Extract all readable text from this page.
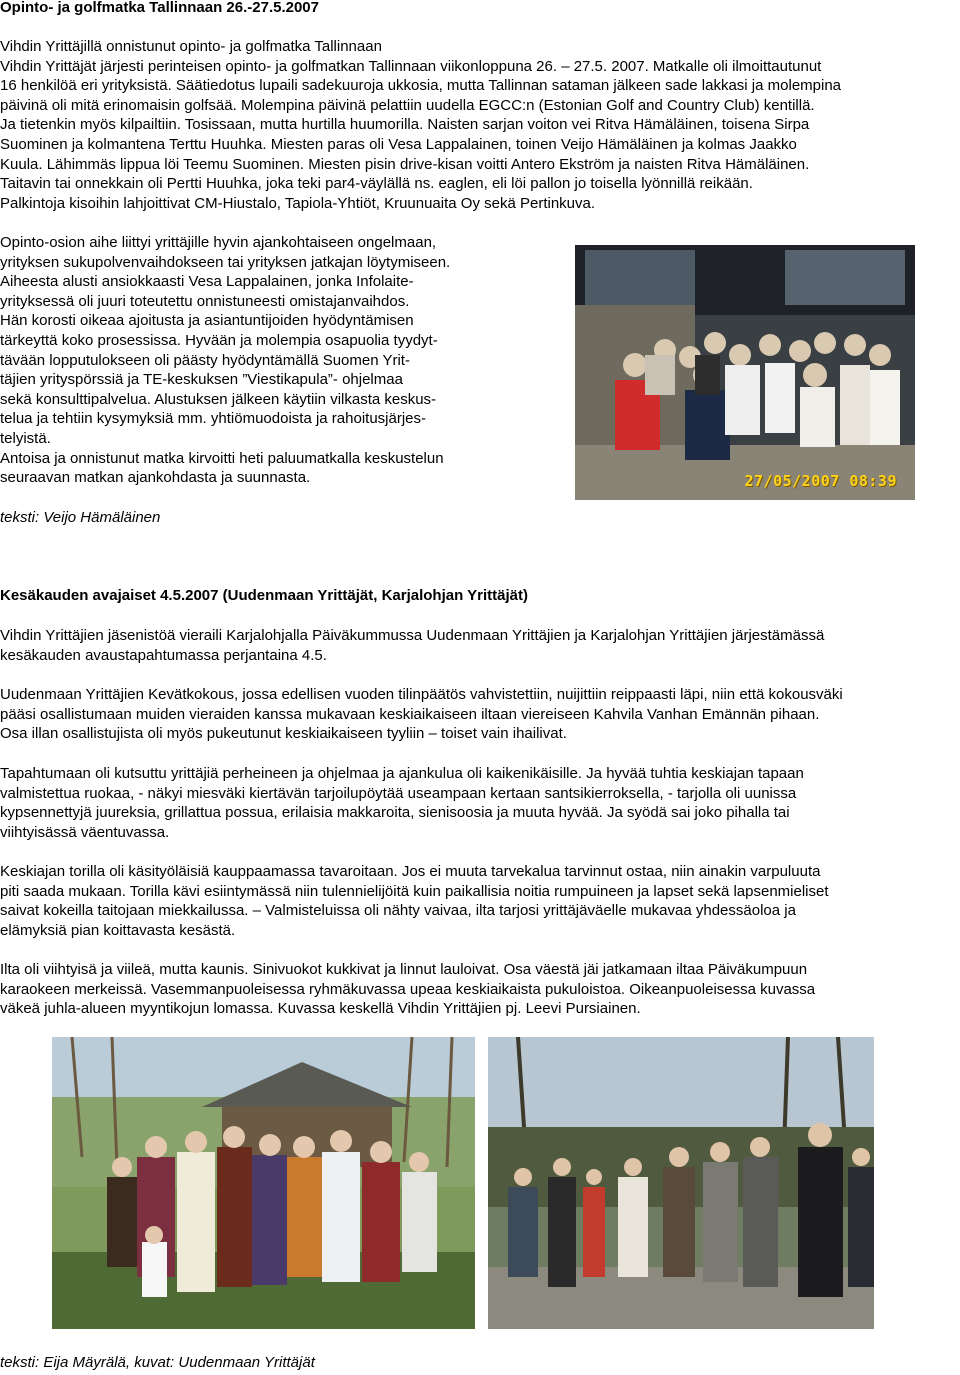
Opinto- ja golfmatka Tallinnaan 26.-27.5.2007

Vihdin Yrittäjillä onnistunut opinto- ja golfmatka Tallinnaan
Vihdin Yrittäjät järjesti perinteisen opinto- ja golfmatkan Tallinnaan viikonloppuna 26. – 27.5. 2007. Matkalle oli ilmoittautunut
16 henkilöä eri yrityksistä. Säätiedotus lupaili sadekuuroja ukkosia, mutta Tallinnan sataman jälkeen sade lakkasi ja molempina
päivinä oli mitä erinomaisin golfsää. Molempina päivinä pelattiin uudella EGCC:n (Estonian Golf and Country Club) kentillä.
Ja tietenkin myös kilpailtiin. Tosissaan, mutta hurtilla huumorilla. Naisten sarjan voiton vei Ritva Hämäläinen, toisena Sirpa
Suominen ja kolmantena Terttu Huuhka. Miesten paras oli Vesa Lappalainen, toinen Veijo Hämäläinen ja kolmas Jaakko
Kuula. Lähimmäs lippua löi Teemu Suominen. Miesten pisin drive-kisan voitti Antero Ekström ja naisten Ritva Hämäläinen.
Taitavin tai onnekkain oli Pertti Huuhka, joka teki par4-väylällä ns. eaglen, eli löi pallon jo toisella lyönnillä reikään.
Palkintoja kisoihin lahjoittivat CM-Hiustalo, Tapiola-Yhtiöt, Kruunuaita Oy sekä Pertinkuva.
Opinto-osion aihe liittyi yrittäjille hyvin ajankohtaiseen ongelmaan,
yrityksen sukupolvenvaihdokseen tai yrityksen jatkajan löytymiseen.
Aiheesta alusti ansiokkaasti Vesa Lappalainen, jonka Infolaite-
yrityksessä oli juuri toteutettu onnistuneesti omistajanvaihdos.
Hän korosti oikeaa ajoitusta ja asiantuntijoiden hyödyntämisen
tärkeyttä koko prosessissa. Hyvään ja molempia osapuolia tyydyt-
tävään lopputulokseen oli päästy hyödyntämällä Suomen Yrit-
täjien yrityspörssiä ja TE-keskuksen ”Viestikapula”- ohjelmaa
sekä konsulttipalvelua. Alustuksen jälkeen käytiin vilkasta keskus-
telua ja tehtiin kysymyksiä mm. yhtiömuodoista ja rahoitusjärjes-
telyistä.
Antoisa ja onnistunut matka kirvoitti heti paluumatkalla keskustelun
seuraavan matkan ajankohdasta ja suunnasta.

teksti: Veijo Hämäläinen

27/05/2007 08:39

Kesäkauden avajaiset 4.5.2007 (Uudenmaan Yrittäjät, Karjalohjan Yrittäjät)

Vihdin Yrittäjien jäsenistöä vieraili Karjalohjalla Päiväkummussa Uudenmaan Yrittäjien ja Karjalohjan Yrittäjien järjestämässä
kesäkauden avaustapahtumassa perjantaina 4.5.
Uudenmaan Yrittäjien Kevätkokous, jossa edellisen vuoden tilinpäätös vahvistettiin, nuijittiin reippaasti läpi, niin että kokousväki
pääsi osallistumaan muiden vieraiden kanssa mukavaan keskiaikaiseen iltaan viereiseen Kahvila Vanhan Emännän pihaan.
Osa illan osallistujista oli myös pukeutunut keskiaikaiseen tyyliin – toiset vain ihailivat.
Tapahtumaan oli kutsuttu yrittäjiä perheineen ja ohjelmaa ja ajankulua oli kaikenikäisille. Ja hyvää tuhtia keskiajan tapaan
valmistettua ruokaa, - näkyi miesväki kiertävän tarjoilupöytää useampaan kertaan santsikierroksella, - tarjolla oli uunissa
kypsennettyjä juureksia, grillattua possua, erilaisia makkaroita, sienisoosia ja muuta hyvää. Ja syödä sai joko pihalla tai
viihtyisässä väentuvassa.
Keskiajan torilla oli käsityöläisiä kauppaamassa tavaroitaan. Jos ei muuta tarvekalua tarvinnut ostaa, niin ainakin varpuluuta
piti saada mukaan. Torilla kävi esiintymässä niin tulennielijöitä kuin paikallisia noitia rumpuineen ja lapset sekä lapsenmieliset
saivat kokeilla taitojaan miekkailussa. – Valmisteluissa oli nähty vaivaa, ilta tarjosi yrittäjäväelle mukavaa yhdessäoloa ja
elämyksiä pian koittavasta kesästä.
Ilta oli viihtyisä ja viileä, mutta kaunis. Sinivuokot kukkivat ja linnut lauloivat. Osa väestä jäi jatkamaan iltaa Päiväkumpuun
karaokeen merkeissä. Vasemmanpuoleisessa ryhmäkuvassa upeaa keskiaikaista pukuloistoa. Oikeanpuoleisessa kuvassa
väkeä juhla-alueen myyntikojun lomassa. Kuvassa keskellä Vihdin Yrittäjien pj. Leevi Pursiainen.

teksti: Eija Mäyrälä, kuvat: Uudenmaan Yrittäjät
